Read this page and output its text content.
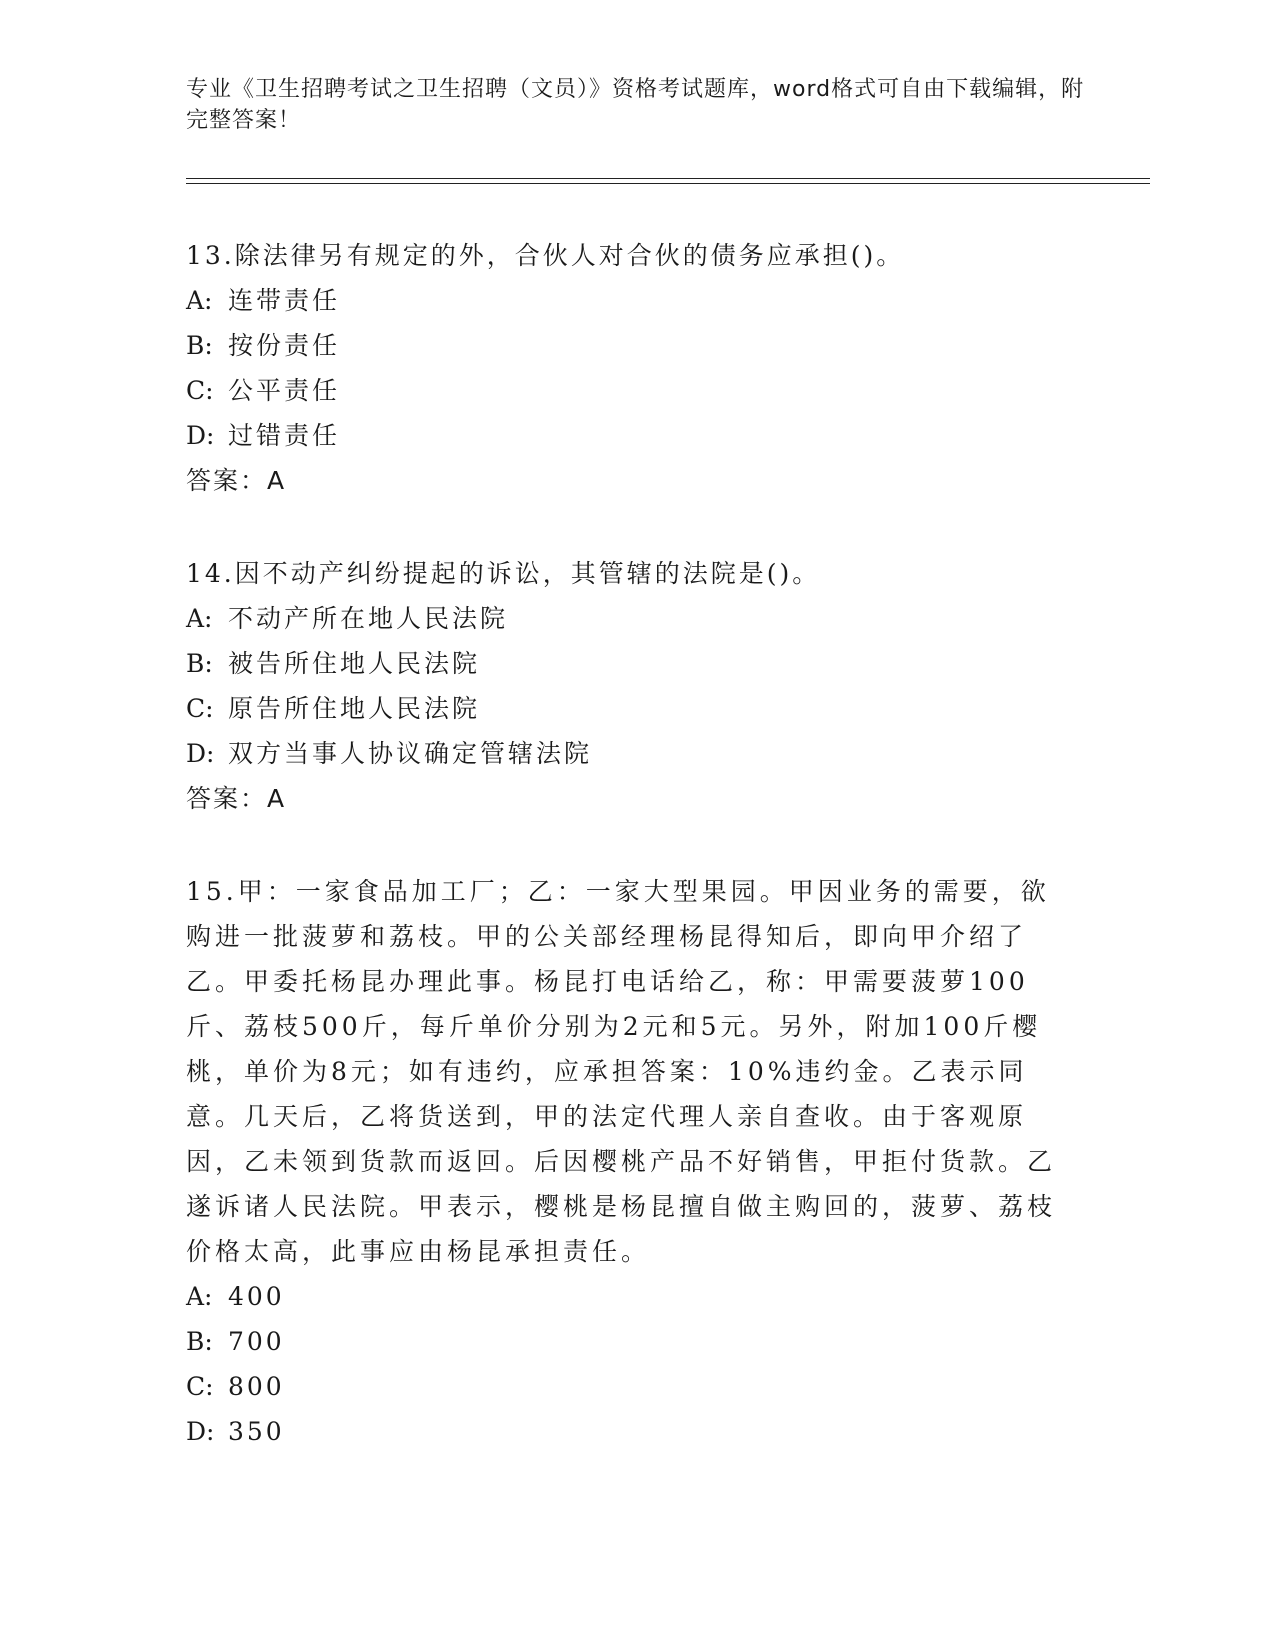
专业《卫生招聘考试之卫生招聘（文员）》资格考试题库，word格式可自由下载编辑，附完整答案！

13.除法律另有规定的外，合伙人对合伙的债务应承担()。

A: 连带责任

B: 按份责任

C: 公平责任

D: 过错责任

答案：A

14.因不动产纠纷提起的诉讼，其管辖的法院是()。

A: 不动产所在地人民法院

B: 被告所住地人民法院

C: 原告所住地人民法院

D: 双方当事人协议确定管辖法院

答案：A

15.甲：一家食品加工厂；乙：一家大型果园。甲因业务的需要，欲购进一批菠萝和荔枝。甲的公关部经理杨昆得知后，即向甲介绍了乙。甲委托杨昆办理此事。杨昆打电话给乙，称：甲需要菠萝100斤、荔枝500斤，每斤单价分别为2元和5元。另外，附加100斤樱桃，单价为8元；如有违约，应承担答案：10%违约金。乙表示同意。几天后，乙将货送到，甲的法定代理人亲自查收。由于客观原因，乙未领到货款而返回。后因樱桃产品不好销售，甲拒付货款。乙遂诉诸人民法院。甲表示，樱桃是杨昆擅自做主购回的，菠萝、荔枝价格太高，此事应由杨昆承担责任。

A: 400

B: 700

C: 800

D: 350
